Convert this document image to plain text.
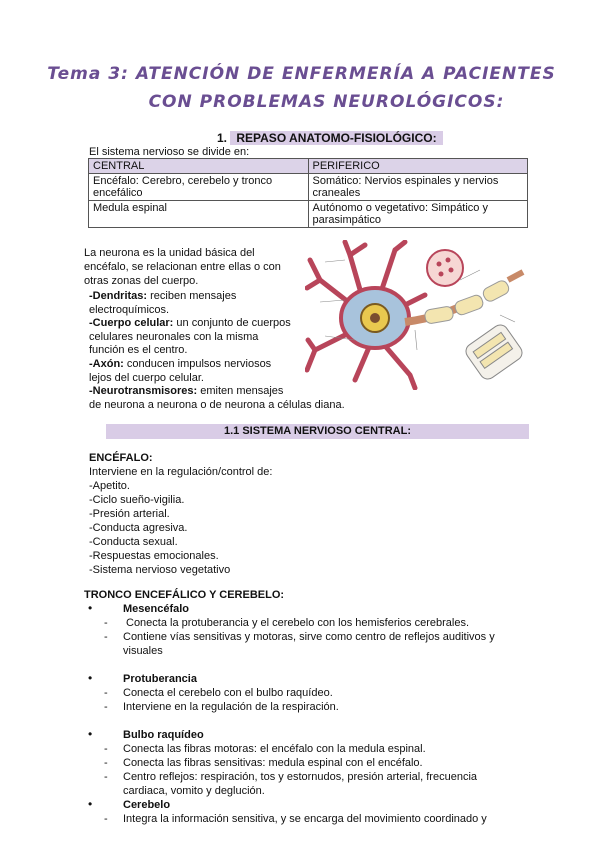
Tema 3: ATENCIÓN DE ENFERMERÍA A PACIENTES
CON PROBLEMAS NEUROLÓGICOS:
1. REPASO ANATOMO-FISIOLÓGICO:
El sistema nervioso se divide en:
CENTRAL	PERIFERICO
Encéfalo: Cerebro, cerebelo y tronco encefálico	Somático: Nervios espinales y nervios craneales
Medula espinal	Autónomo o vegetativo: Simpático y parasimpático
La neurona es la unidad básica del
encéfalo, se relacionan entre ellas o con
otras zonas del cuerpo.
-Dendritas: reciben mensajes
electroquímicos.
-Cuerpo celular: un conjunto de cuerpos
celulares neuronales con la misma
función es el centro.
-Axón: conducen impulsos nerviosos
lejos del cuerpo celular.
-Neurotransmisores: emiten mensajes
de neurona a neurona o de neurona a células diana.
1.1 SISTEMA NERVIOSO CENTRAL:
ENCÉFALO:
Interviene en la regulación/control de:
-Apetito.
-Ciclo sueño-vigilia.
-Presión arterial.
-Conducta agresiva.
-Conducta sexual.
-Respuestas emocionales.
-Sistema nervioso vegetativo
TRONCO ENCEFÁLICO Y CEREBELO:
•	Mesencéfalo
- Conecta la protuberancia y el cerebelo con los hemisferios cerebrales.
- Contiene vías sensitivas y motoras, sirve como centro de reflejos auditivos y
visuales
•	Protuberancia
- Conecta el cerebelo con el bulbo raquídeo.
- Interviene en la regulación de la respiración.
•	Bulbo raquídeo
- Conecta las fibras motoras: el encéfalo con la medula espinal.
- Conecta las fibras sensitivas: medula espinal con el encéfalo.
- Centro reflejos: respiración, tos y estornudos, presión arterial, frecuencia
cardiaca, vomito y deglución.
•	Cerebelo
- Integra la información sensitiva, y se encarga del movimiento coordinado y
